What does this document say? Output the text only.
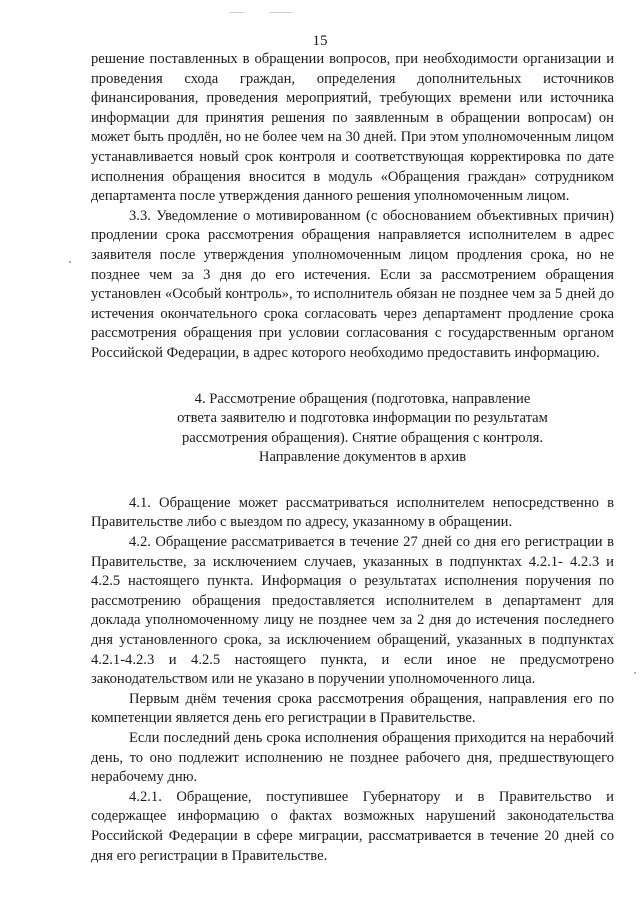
15

решение поставленных в обращении вопросов, при необходимости организации и проведения схода граждан, определения дополнительных источников финансирования, проведения мероприятий, требующих времени или источника информации для принятия решения по заявленным в обращении вопросам) он может быть продлён, но не более чем на 30 дней. При этом уполномоченным лицом устанавливается новый срок контроля и соответствующая корректировка по дате исполнения обращения вносится в модуль «Обращения граждан» сотрудником департамента после утверждения данного решения уполномоченным лицом.

3.3. Уведомление о мотивированном (с обоснованием объективных причин) продлении срока рассмотрения обращения направляется исполнителем в адрес заявителя после утверждения уполномоченным лицом продления срока, но не позднее чем за 3 дня до его истечения. Если за рассмотрением обращения установлен «Особый контроль», то исполнитель обязан не позднее чем за 5 дней до истечения окончательного срока согласовать через департамент продление срока рассмотрения обращения при условии согласования с государственным органом Российской Федерации, в адрес которого необходимо предоставить информацию.

4. Рассмотрение обращения (подготовка, направление
ответа заявителю и подготовка информации по результатам
рассмотрения обращения). Снятие обращения с контроля.
Направление документов в архив

4.1. Обращение может рассматриваться исполнителем непосредственно в Правительстве либо с выездом по адресу, указанному в обращении.

4.2. Обращение рассматривается в течение 27 дней со дня его регистрации в Правительстве, за исключением случаев, указанных в подпунктах 4.2.1- 4.2.3 и 4.2.5 настоящего пункта. Информация о результатах исполнения поручения по рассмотрению обращения предоставляется исполнителем в департамент для доклада уполномоченному лицу не позднее чем за 2 дня до истечения последнего дня установленного срока, за исключением обращений, указанных в подпунктах 4.2.1-4.2.3 и 4.2.5 настоящего пункта, и если иное не предусмотрено законодательством или не указано в поручении уполномоченного лица.

Первым днём течения срока рассмотрения обращения, направления его по компетенции является день его регистрации в Правительстве.

Если последний день срока исполнения обращения приходится на нерабочий день, то оно подлежит исполнению не позднее рабочего дня, предшествующего нерабочему дню.

4.2.1. Обращение, поступившее Губернатору и в Правительство и содержащее информацию о фактах возможных нарушений законодательства Российской Федерации в сфере миграции, рассматривается в течение 20 дней со дня его регистрации в Правительстве.
